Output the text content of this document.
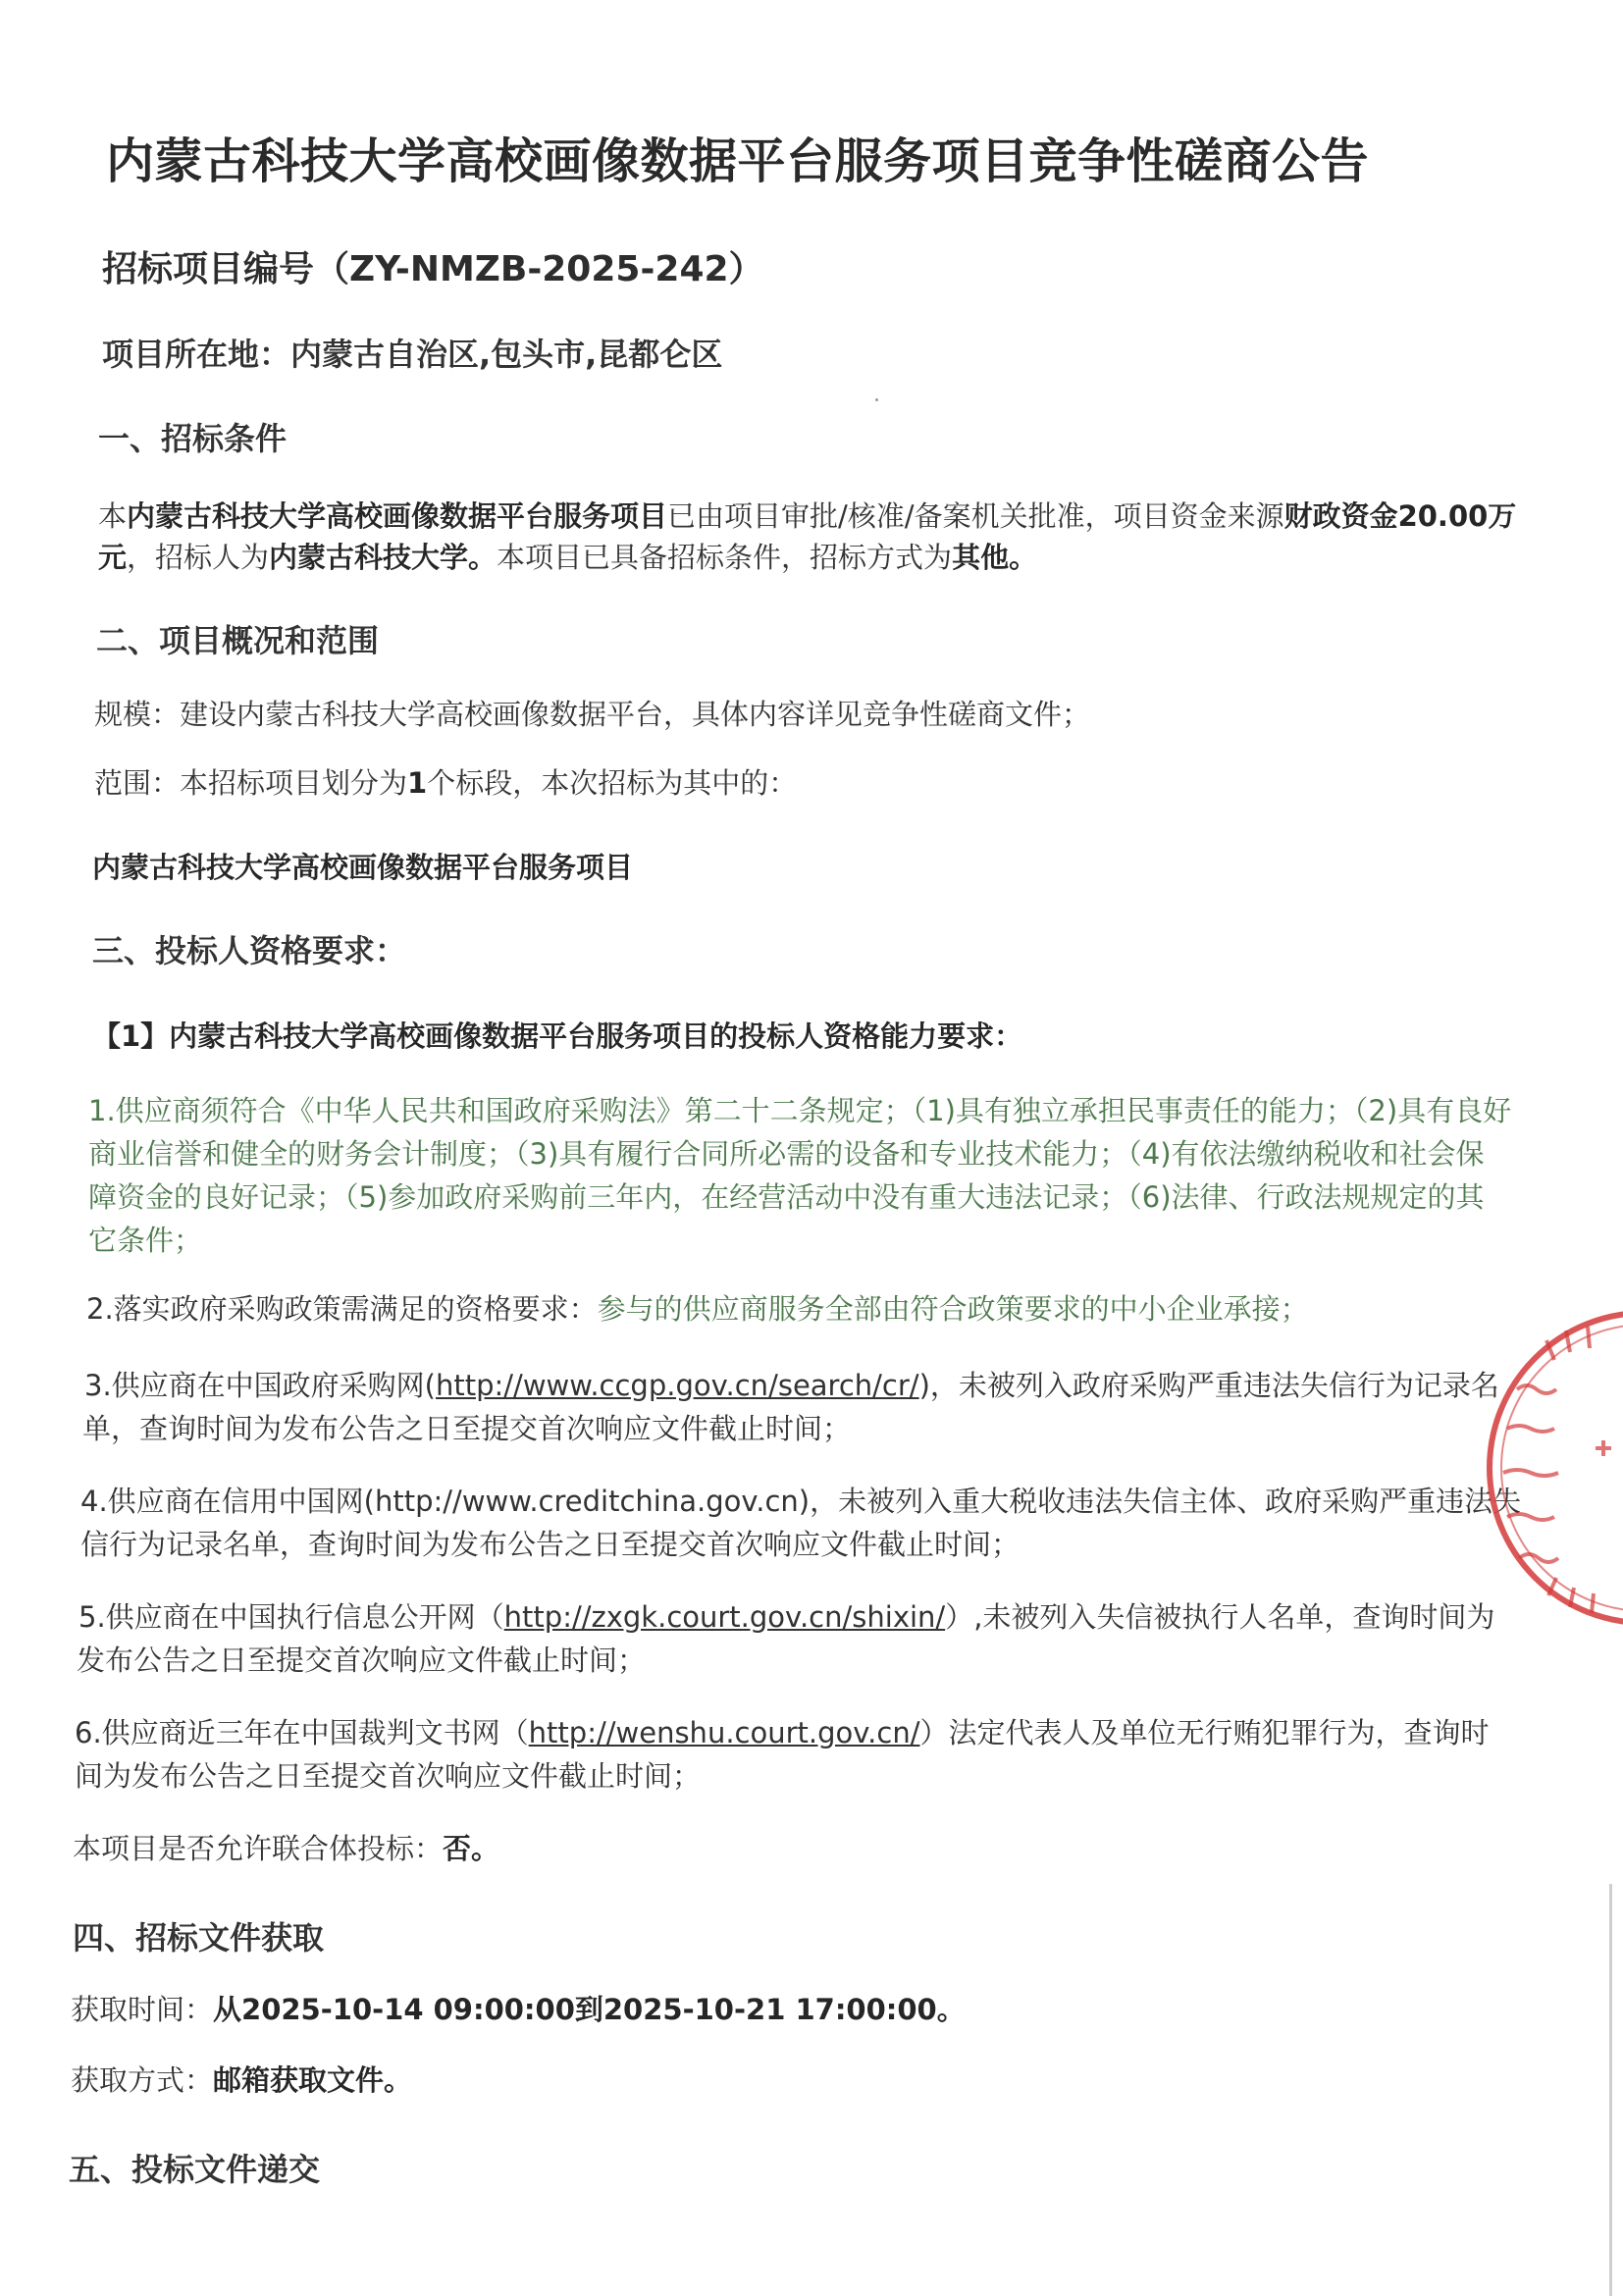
内蒙古科技大学高校画像数据平台服务项目竞争性磋商公告
招标项目编号（ZY-NMZB-2025-242）
项目所在地：内蒙古自治区,包头市,昆都仑区
一、招标条件
本内蒙古科技大学高校画像数据平台服务项目已由项目审批/核准/备案机关批准，项目资金来源财政资金20.00万
元，招标人为内蒙古科技大学。本项目已具备招标条件，招标方式为其他。
二、项目概况和范围
规模：建设内蒙古科技大学高校画像数据平台，具体内容详见竞争性磋商文件；
范围：本招标项目划分为1个标段，本次招标为其中的：
内蒙古科技大学高校画像数据平台服务项目
三、投标人资格要求：
【1】内蒙古科技大学高校画像数据平台服务项目的投标人资格能力要求：
1.供应商须符合《中华人民共和国政府采购法》第二十二条规定；（1)具有独立承担民事责任的能力；（2)具有良好
商业信誉和健全的财务会计制度；（3)具有履行合同所必需的设备和专业技术能力；（4)有依法缴纳税收和社会保
障资金的良好记录；（5)参加政府采购前三年内，在经营活动中没有重大违法记录；（6)法律、行政法规规定的其
它条件；
2.落实政府采购政策需满足的资格要求：参与的供应商服务全部由符合政策要求的中小企业承接；
3.供应商在中国政府采购网(http://www.ccgp.gov.cn/search/cr/)，未被列入政府采购严重违法失信行为记录名
单，查询时间为发布公告之日至提交首次响应文件截止时间；
4.供应商在信用中国网(http://www.creditchina.gov.cn)，未被列入重大税收违法失信主体、政府采购严重违法失
信行为记录名单，查询时间为发布公告之日至提交首次响应文件截止时间；
5.供应商在中国执行信息公开网（http://zxgk.court.gov.cn/shixin/）,未被列入失信被执行人名单，查询时间为
发布公告之日至提交首次响应文件截止时间；
6.供应商近三年在中国裁判文书网（http://wenshu.court.gov.cn/）法定代表人及单位无行贿犯罪行为，查询时
间为发布公告之日至提交首次响应文件截止时间；
本项目是否允许联合体投标：否。
四、招标文件获取
获取时间：从2025-10-14 09:00:00到2025-10-21 17:00:00。
获取方式：邮箱获取文件。
五、投标文件递交
